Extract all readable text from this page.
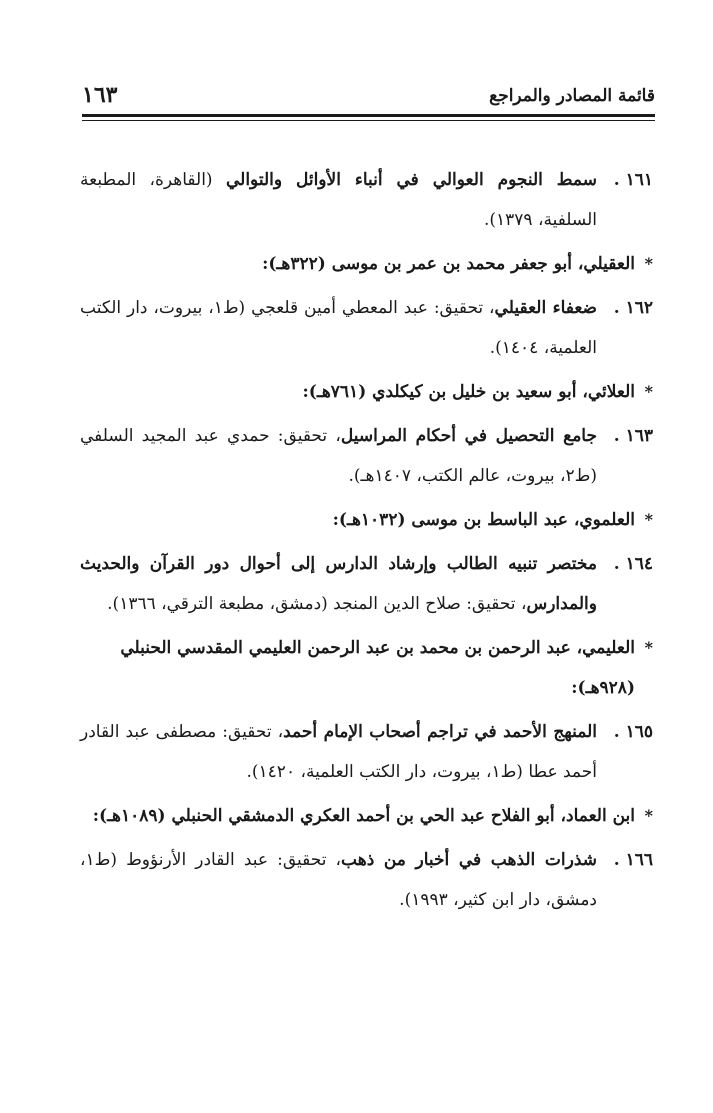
قائمة المصادر والمراجع
١٦٣
١٦١ .
سمط النجوم العوالي في أنباء الأوائل والتوالي (القاهرة، المطبعة السلفية، ١٣٧٩).
*
العقيلي، أبو جعفر محمد بن عمر بن موسى (٣٢٢هـ):
١٦٢ .
ضعفاء العقيلي، تحقيق: عبد المعطي أمين قلعجي (ط١، بيروت، دار الكتب العلمية، ١٤٠٤).
*
العلائي، أبو سعيد بن خليل بن كيكلدي (٧٦١هـ):
١٦٣ .
جامع التحصيل في أحكام المراسيل، تحقيق: حمدي عبد المجيد السلفي (ط٢، بيروت، عالم الكتب، ١٤٠٧هـ).
*
العلموي، عبد الباسط بن موسى (١٠٣٢هـ):
١٦٤ .
مختصر تنبيه الطالب وإرشاد الدارس إلى أحوال دور القرآن والحديث والمدارس، تحقيق: صلاح الدين المنجد (دمشق، مطبعة الترقي، ١٣٦٦).
*
العليمي، عبد الرحمن بن محمد بن عبد الرحمن العليمي المقدسي الحنبلي (٩٢٨هـ):
١٦٥ .
المنهج الأحمد في تراجم أصحاب الإمام أحمد، تحقيق: مصطفى عبد القادر أحمد عطا (ط١، بيروت، دار الكتب العلمية، ١٤٢٠).
*
ابن العماد، أبو الفلاح عبد الحي بن أحمد العكري الدمشقي الحنبلي (١٠٨٩هـ):
١٦٦ .
شذرات الذهب في أخبار من ذهب، تحقيق: عبد القادر الأرنؤوط (ط١، دمشق، دار ابن كثير، ١٩٩٣).
